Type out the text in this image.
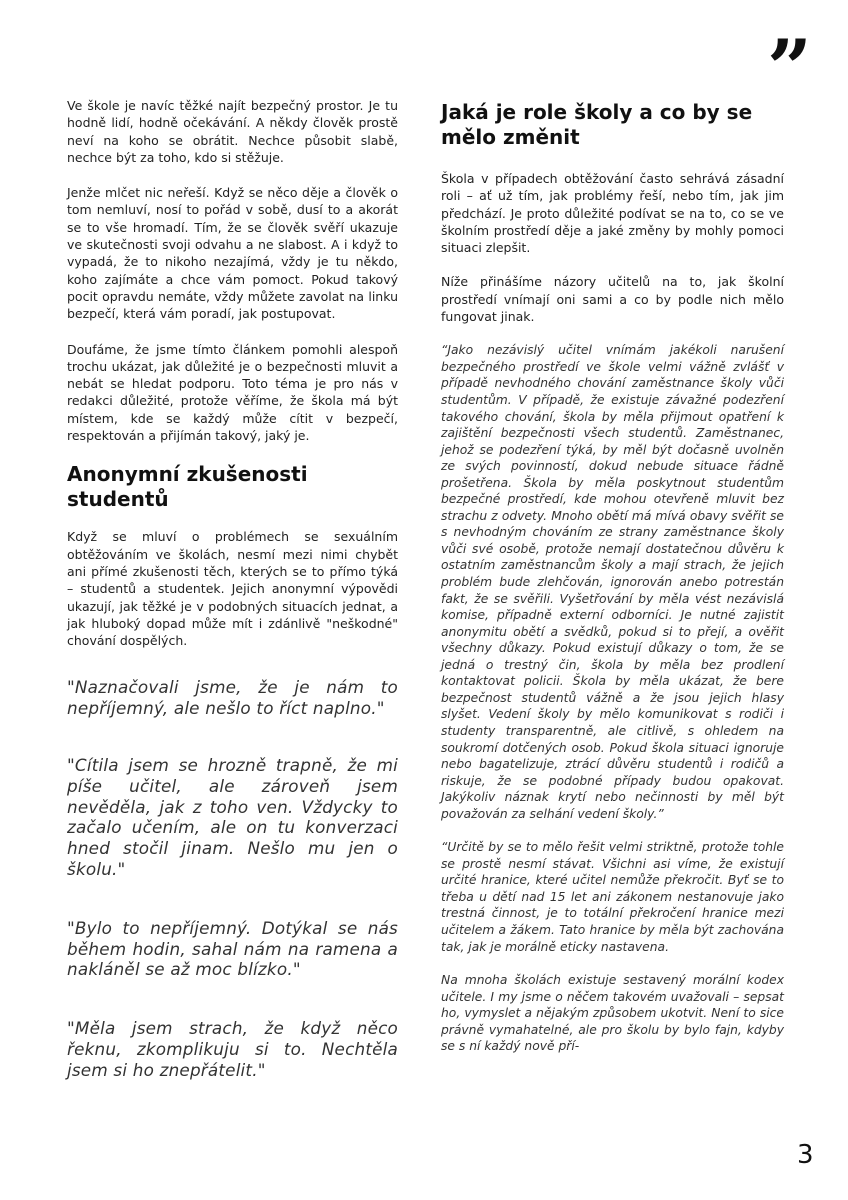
”

Ve škole je navíc těžké najít bezpečný prostor. Je tu hodně lidí, hodně očekávání. A někdy člověk prostě neví na koho se obrátit. Nechce působit slabě, nechce být za toho, kdo si stěžuje.

Jenže mlčet nic neřeší. Když se něco děje a člověk o tom nemluví, nosí to pořád v sobě, dusí to a akorát se to vše hromadí. Tím, že se člověk svěří ukazuje ve skutečnosti svoji odvahu a ne slabost. A i když to vypadá, že to nikoho nezajímá, vždy je tu někdo, koho zajímáte a chce vám pomoct. Pokud takový pocit opravdu nemáte, vždy můžete zavolat na linku bezpečí, která vám poradí, jak postupovat.

Doufáme, že jsme tímto článkem pomohli alespoň trochu ukázat, jak důležité je o bezpečnosti mluvit a nebát se hledat podporu. Toto téma je pro nás v redakci důležité, protože věříme, že škola má být místem, kde se každý může cítit v bezpečí, respektován a přijímán takový, jaký je.

Anonymní zkušenosti studentů

Když se mluví o problémech se sexuálním obtěžováním ve školách, nesmí mezi nimi chybět ani přímé zkušenosti těch, kterých se to přímo týká – studentů a studentek. Jejich anonymní výpovědi ukazují, jak těžké je v podobných situacích jednat, a jak hluboký dopad může mít i zdánlivě "neškodné" chování dospělých.

"Naznačovali jsme, že je nám to nepříjemný, ale nešlo to říct naplno."

"Cítila jsem se hrozně trapně, že mi píše učitel, ale zároveň jsem nevěděla, jak z toho ven. Vždycky to začalo učením, ale on tu konverzaci hned stočil jinam. Nešlo mu jen o školu."

"Bylo to nepříjemný. Dotýkal se nás během hodin, sahal nám na ramena a nakláněl se až moc blízko."

"Měla jsem strach, že když něco řeknu, zkomplikuju si to. Nechtěla jsem si ho znepřátelit."

Jaká je role školy a co by se mělo změnit

Škola v případech obtěžování často sehrává zásadní roli – ať už tím, jak problémy řeší, nebo tím, jak jim předchází. Je proto důležité podívat se na to, co se ve školním prostředí děje a jaké změny by mohly pomoci situaci zlepšit.

Níže přinášíme názory učitelů na to, jak školní prostředí vnímají oni sami a co by podle nich mělo fungovat jinak.

“Jako nezávislý učitel vnímám jakékoli narušení bezpečného prostředí ve škole velmi vážně zvlášť v případě nevhodného chování zaměstnance školy vůči studentům. V případě, že existuje závažné podezření takového chování, škola by měla přijmout opatření k zajištění bezpečnosti všech studentů. Zaměstnanec, jehož se podezření týká, by měl být dočasně uvolněn ze svých povinností, dokud nebude situace řádně prošetřena. Škola by měla poskytnout studentům bezpečné prostředí, kde mohou otevřeně mluvit bez strachu z odvety. Mnoho obětí má mívá obavy svěřit se s nevhodným chováním ze strany zaměstnance školy vůči své osobě, protože nemají dostatečnou důvěru k ostatním zaměstnancům školy a mají strach, že jejich problém bude zlehčován, ignorován anebo potrestán fakt, že se svěřili. Vyšetřování by měla vést nezávislá komise, případně externí odborníci. Je nutné zajistit anonymitu obětí a svědků, pokud si to přejí, a ověřit všechny důkazy. Pokud existují důkazy o tom, že se jedná o trestný čin, škola by měla bez prodlení kontaktovat policii. Škola by měla ukázat, že bere bezpečnost studentů vážně a že jsou jejich hlasy slyšet. Vedení školy by mělo komunikovat s rodiči i studenty transparentně, ale citlivě, s ohledem na soukromí dotčených osob. Pokud škola situaci ignoruje nebo bagatelizuje, ztrácí důvěru studentů i rodičů a riskuje, že se podobné případy budou opakovat. Jakýkoliv náznak krytí nebo nečinnosti by měl být považován za selhání vedení školy.”

“Určitě by se to mělo řešit velmi striktně, protože tohle se prostě nesmí stávat. Všichni asi víme, že existují určité hranice, které učitel nemůže překročit. Byť se to třeba u dětí nad 15 let ani zákonem nestanovuje jako trestná činnost, je to totální překročení hranice mezi učitelem a žákem. Tato hranice by měla být zachována tak, jak je morálně eticky nastavena.

Na mnoha školách existuje sestavený morální kodex učitele. I my jsme o něčem takovém uvažovali – sepsat ho, vymyslet a nějakým způsobem ukotvit. Není to sice právně vymahatelné, ale pro školu by bylo fajn, kdyby se s ní každý nově pří-

3
